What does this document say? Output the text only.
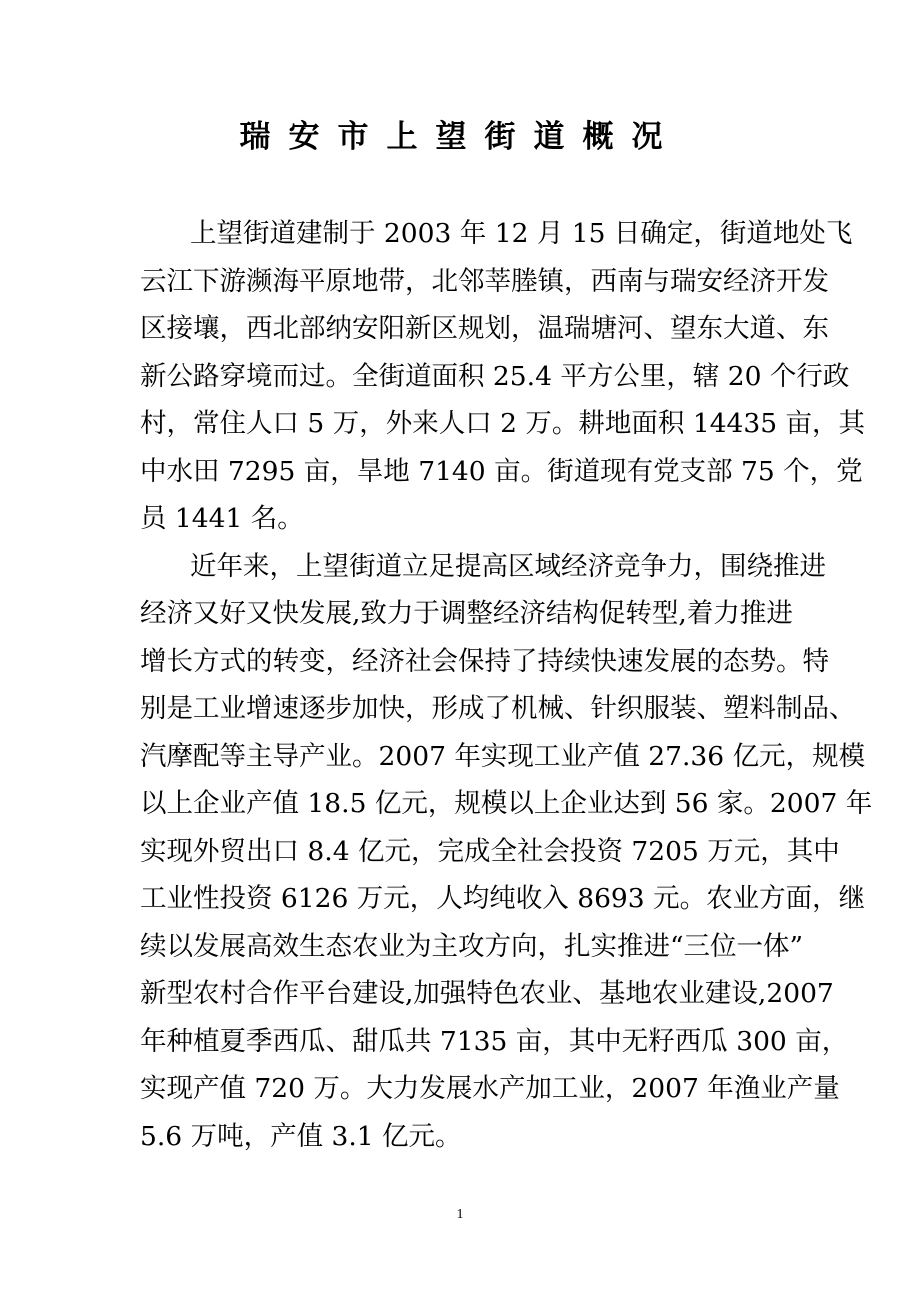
瑞安市上望街道概况
上望街道建制于 2003 年 12 月 15 日确定，街道地处飞
云江下游濒海平原地带，北邻莘塍镇，西南与瑞安经济开发
区接壤，西北部纳安阳新区规划，温瑞塘河、望东大道、东
新公路穿境而过。全街道面积 25.4 平方公里，辖 20 个行政
村，常住人口 5 万，外来人口 2 万。耕地面积 14435 亩，其
中水田 7295 亩，旱地 7140 亩。街道现有党支部 75 个，党
员 1441 名。
近年来，上望街道立足提高区域经济竞争力，围绕推进
经济又好又快发展,致力于调整经济结构促转型,着力推进
增长方式的转变，经济社会保持了持续快速发展的态势。特
别是工业增速逐步加快，形成了机械、针织服装、塑料制品、
汽摩配等主导产业。2007 年实现工业产值 27.36 亿元，规模
以上企业产值 18.5 亿元，规模以上企业达到 56 家。2007 年
实现外贸出口 8.4 亿元，完成全社会投资 7205 万元，其中
工业性投资 6126 万元，人均纯收入 8693 元。农业方面，继
续以发展高效生态农业为主攻方向，扎实推进“三位一体”
新型农村合作平台建设,加强特色农业、基地农业建设,2007
年种植夏季西瓜、甜瓜共 7135 亩，其中无籽西瓜 300 亩，
实现产值 720 万。大力发展水产加工业，2007 年渔业产量
5.6 万吨，产值 3.1 亿元。
1
